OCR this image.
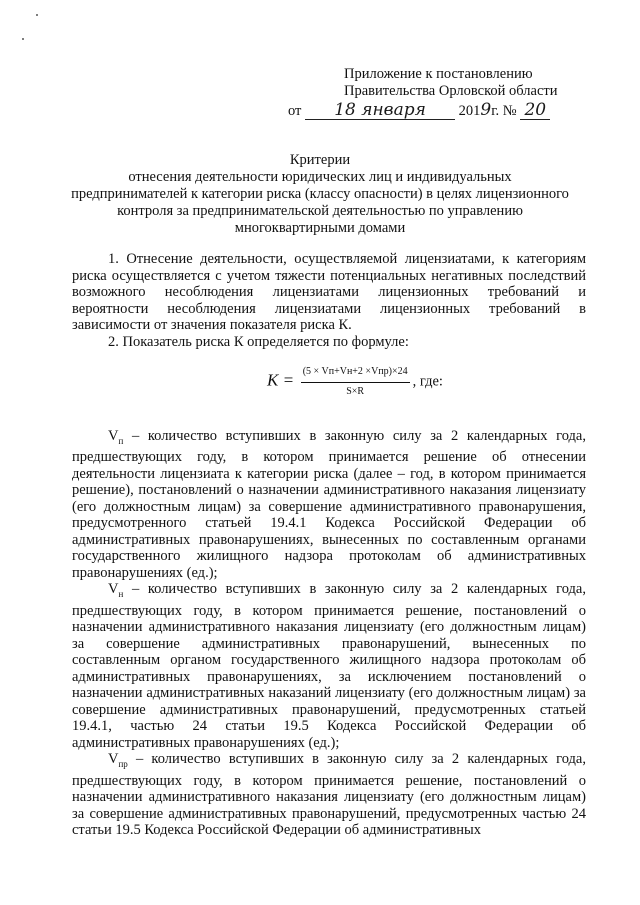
Приложение к постановлению
Правительства Орловской области
от 18 января 2019г. № 20
Критерии
отнесения деятельности юридических лиц и индивидуальных
предпринимателей к категории риска (классу опасности) в целях лицензионного
контроля за предпринимательской деятельностью по управлению
многоквартирными домами

1. Отнесение деятельности, осуществляемой лицензиатами, к категориям риска осуществляется с учетом тяжести потенциальных негативных последствий возможного несоблюдения лицензиатами лицензионных требований и вероятности несоблюдения лицензиатами лицензионных требований в зависимости от значения показателя риска К.

2. Показатель риска К определяется по формуле:

$K = \frac{\text{(5 × Vп+Vн+2 ×Vпр)×24}}{S\times R}$ , где:

$V_п$ – количество вступивших в законную силу за 2 календарных года, предшествующих году, в котором принимается решение об отнесении деятельности лицензиата к категории риска (далее – год, в котором принимается решение), постановлений о назначении административного наказания лицензиату (его должностным лицам) за совершение административного правонарушения, предусмотренного статьей 19.4.1 Кодекса Российской Федерации об административных правонарушениях, вынесенных по составленным органами государственного жилищного надзора протоколам об административных правонарушениях (ед.);

$V_н$ – количество вступивших в законную силу за 2 календарных года, предшествующих году, в котором принимается решение, постановлений о назначении административного наказания лицензиату (его должностным лицам) за совершение административных правонарушений, вынесенных по составленным органом государственного жилищного надзора протоколам об административных правонарушениях, за исключением постановлений о назначении административных наказаний лицензиату (его должностным лицам) за совершение административных правонарушений, предусмотренных статьей 19.4.1, частью 24 статьи 19.5 Кодекса Российской Федерации об административных правонарушениях (ед.);

$V_{пр}$ – количество вступивших в законную силу за 2 календарных года, предшествующих году, в котором принимается решение, постановлений о назначении административного наказания лицензиату (его должностным лицам) за совершение административных правонарушений, предусмотренных частью 24 статьи 19.5 Кодекса Российской Федерации об административных
